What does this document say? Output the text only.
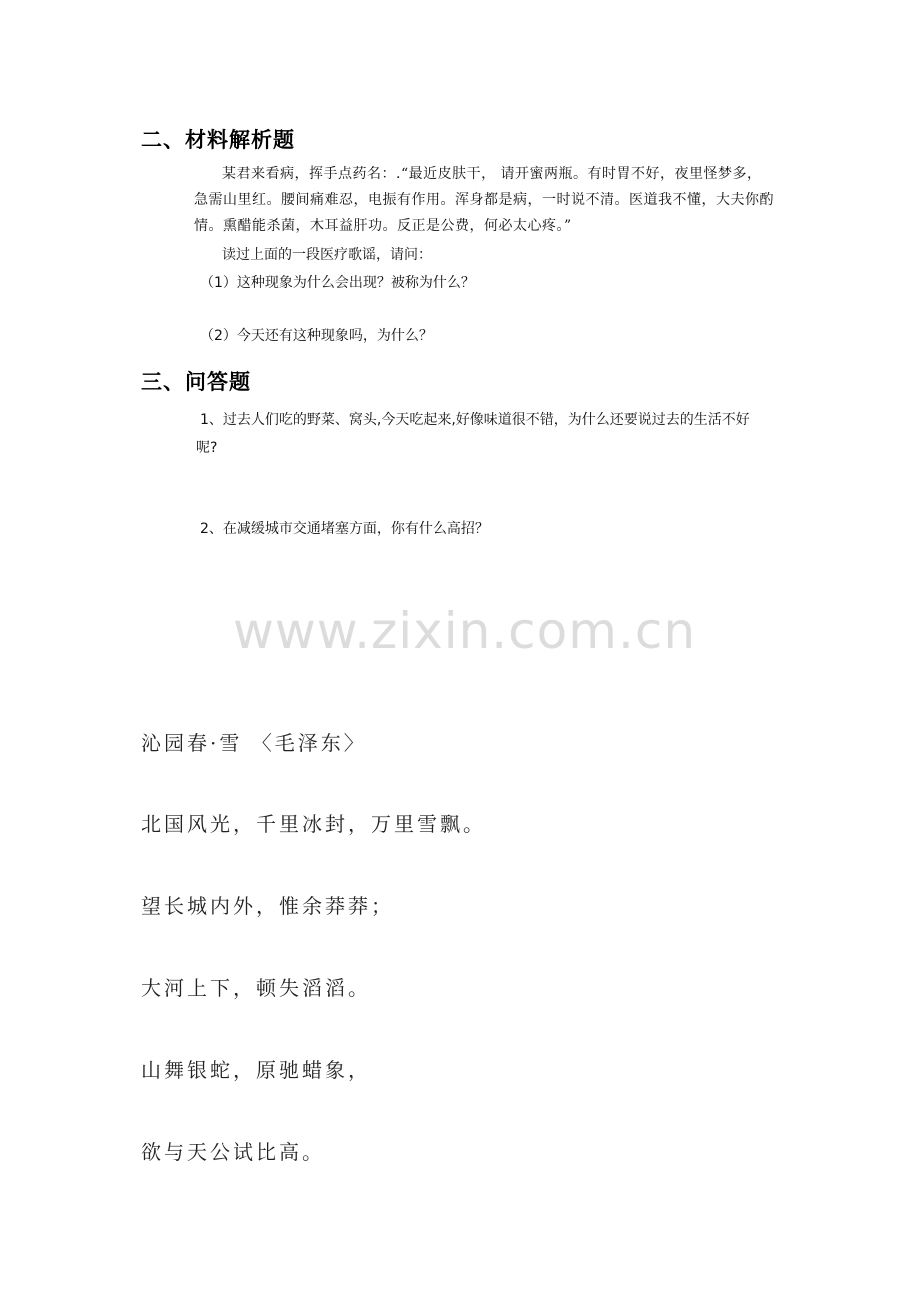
二、材料解析题
某君来看病，挥手点药名：.“最近皮肤干， 请开蜜两瓶。有时胃不好，夜里怪梦多，
急需山里红。腰间痛难忍，电振有作用。浑身都是病，一时说不清。医道我不懂，大夫你酌
情。熏醋能杀菌，木耳益肝功。反正是公费，何必太心疼。”
读过上面的一段医疗歌谣，请问：
（1）这种现象为什么会出现？被称为什么？
（2）今天还有这种现象吗，为什么？
三、问答题
1、过去人们吃的野菜、窝头,今天吃起来,好像味道很不错，为什么还要说过去的生活不好
呢?
2、在减缓城市交通堵塞方面，你有什么高招？
www.zixin.com.cn
沁园春·雪 〈毛泽东〉
北国风光，千里冰封，万里雪飘。
望长城内外，惟余莽莽；
大河上下，顿失滔滔。
山舞银蛇，原驰蜡象，
欲与天公试比高。
